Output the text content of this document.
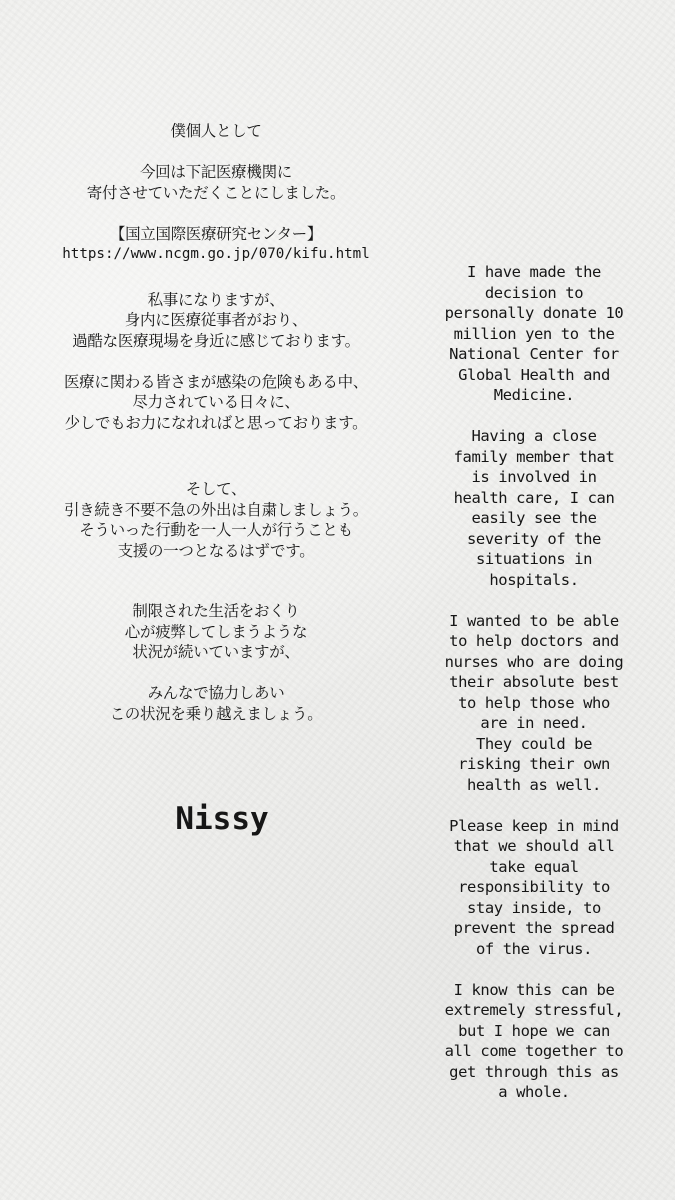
僕個人として
今回は下記医療機関に
寄付させていただくことにしました。
【国立国際医療研究センター】
https://www.ncgm.go.jp/070/kifu.html
私事になりますが、
身内に医療従事者がおり、
過酷な医療現場を身近に感じております。
医療に関わる皆さまが感染の危険もある中、
尽力されている日々に、
少しでもお力になれればと思っております。
そして、
引き続き不要不急の外出は自粛しましょう。
そういった行動を一人一人が行うことも
支援の一つとなるはずです。
制限された生活をおくり
心が疲弊してしまうような
状況が続いていますが、
みんなで協力しあい
この状況を乗り越えましょう。
Nissy
I have made the
decision to
personally donate 10
million yen to the
National Center for
Global Health and
Medicine.
Having a close
family member that
is involved in
health care, I can
easily see the
severity of the
situations in
hospitals.
I wanted to be able
to help doctors and
nurses who are doing
their absolute best
to help those who
are in need.
They could be
risking their own
health as well.
Please keep in mind
that we should all
take equal
responsibility to
stay inside, to
prevent the spread
of the virus.
I know this can be
extremely stressful,
but I hope we can
all come together to
get through this as
a whole.
